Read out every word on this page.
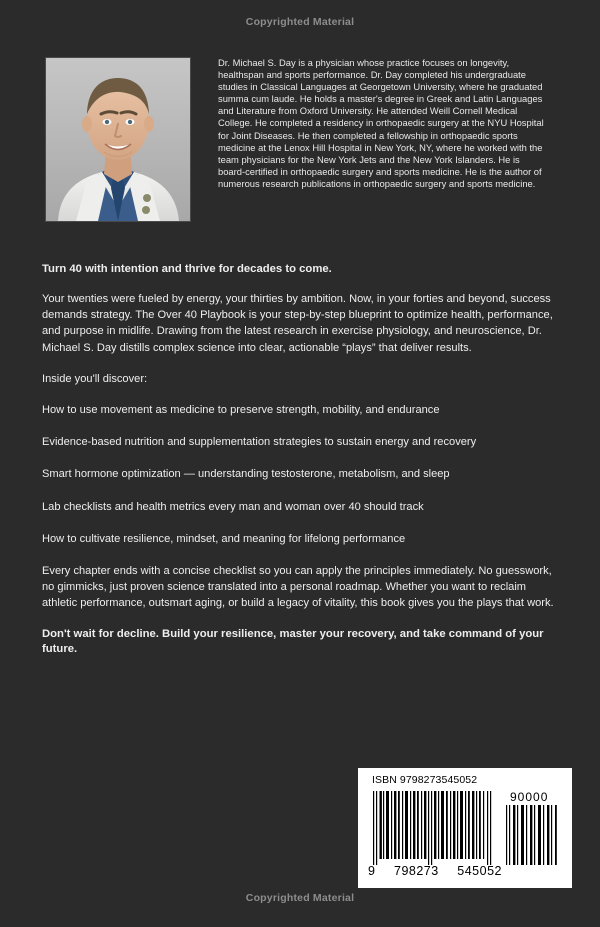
Copyrighted Material
Dr. Michael S. Day is a physician whose practice focuses on longevity, healthspan and sports performance. Dr. Day completed his undergraduate studies in Classical Languages at Georgetown University, where he graduated summa cum laude. He holds a master's degree in Greek and Latin Languages and Literature from Oxford University. He attended Weill Cornell Medical College. He completed a residency in orthopaedic surgery at the NYU Hospital for Joint Diseases. He then completed a fellowship in orthopaedic sports medicine at the Lenox Hill Hospital in New York, NY, where he worked with the team physicians for the New York Jets and the New York Islanders. He is board-certified in orthopaedic surgery and sports medicine. He is the author of numerous research publications in orthopaedic surgery and sports medicine.

Turn 40 with intention and thrive for decades to come.

Your twenties were fueled by energy, your thirties by ambition. Now, in your forties and beyond, success demands strategy. The Over 40 Playbook is your step-by-step blueprint to optimize health, performance, and purpose in midlife. Drawing from the latest research in exercise physiology, and neuroscience, Dr. Michael S. Day distills complex science into clear, actionable “plays” that deliver results.

Inside you'll discover:

How to use movement as medicine to preserve strength, mobility, and endurance

Evidence-based nutrition and supplementation strategies to sustain energy and recovery

Smart hormone optimization — understanding testosterone, metabolism, and sleep

Lab checklists and health metrics every man and woman over 40 should track

How to cultivate resilience, mindset, and meaning for lifelong performance

Every chapter ends with a concise checklist so you can apply the principles immediately. No guesswork, no gimmicks, just proven science translated into a personal roadmap. Whether you want to reclaim athletic performance, outsmart aging, or build a legacy of vitality, this book gives you the plays that work.

Don't wait for decline. Build your resilience, master your recovery, and take command of your future.

ISBN 9798273545052
90000
9 798273 545052
Copyrighted Material
